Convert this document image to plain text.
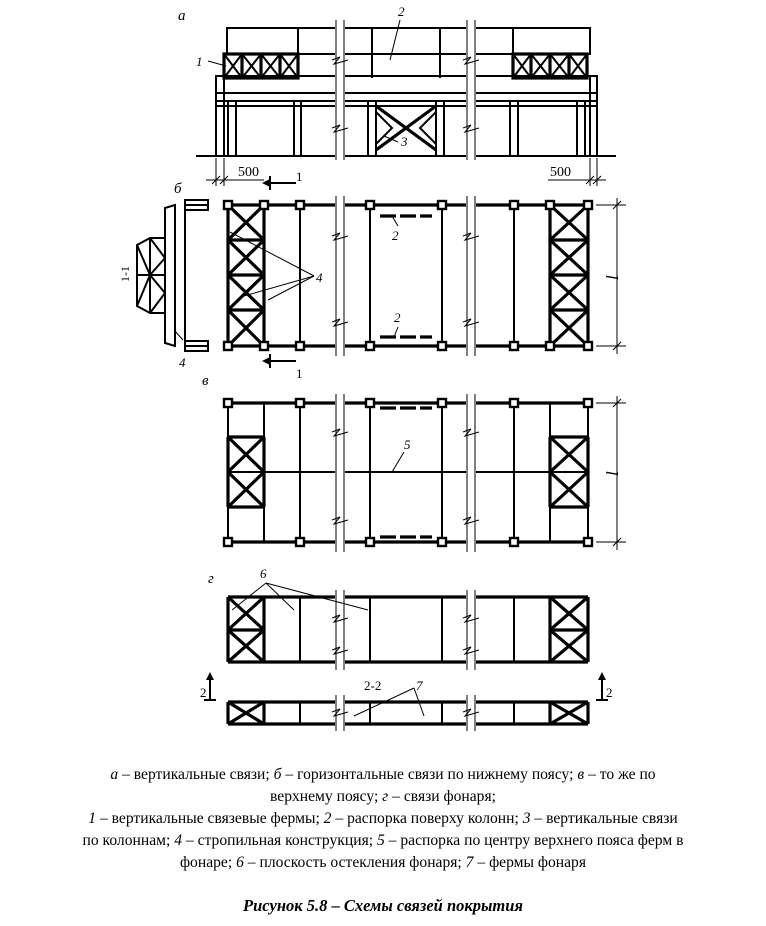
500	500
1
2
3
а
l
1
1
1-1
4
4
2
2
б
l
5
в
6
г
2-2	7
2	2

а – вертикальные связи; б – горизонтальные связи по нижнему поясу; в – то же по

верхнему поясу; г – связи фонаря;

1 – вертикальные связевые фермы; 2 – распорка поверху колонн; 3 – вертикальные связи

по колоннам; 4 – стропильная конструкция; 5 – распорка по центру верхнего пояса ферм в

фонаре; 6 – плоскость остекления фонаря; 7 – фермы фонаря

Рисунок 5.8 – Схемы связей покрытия
